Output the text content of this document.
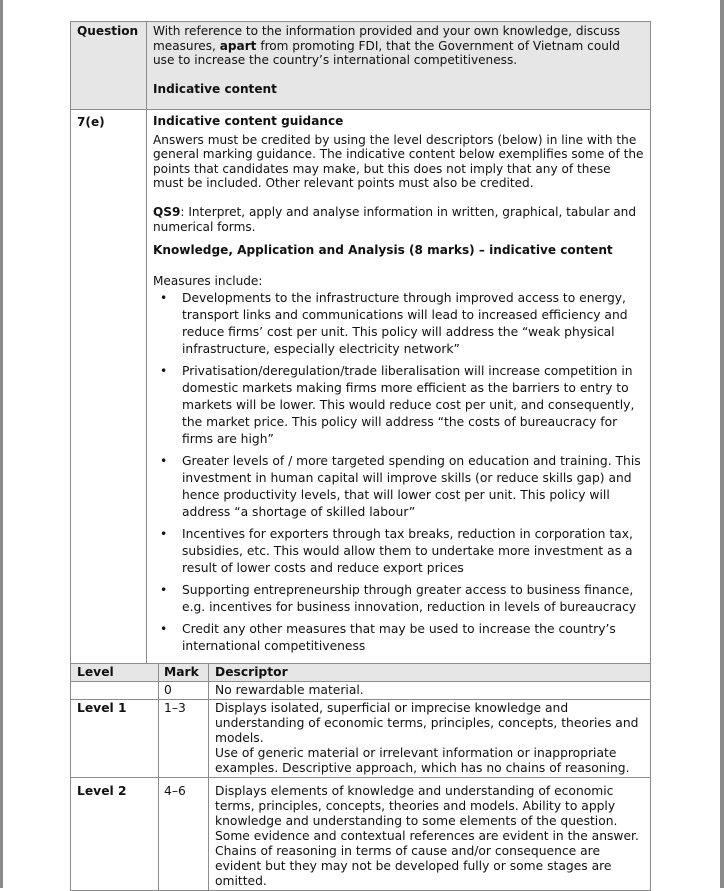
Question	With reference to the information provided and your own knowledge, discuss measures, apart from promoting FDI, that the Government of Vietnam could use to increase the country’s international competitiveness.

Indicative content

7(e)	Indicative content guidance

Answers must be credited by using the level descriptors (below) in line with the general marking guidance. The indicative content below exemplifies some of the points that candidates may make, but this does not imply that any of these must be included. Other relevant points must also be credited.

QS9: Interpret, apply and analyse information in written, graphical, tabular and numerical forms.

Knowledge, Application and Analysis (8 marks) – indicative content

Measures include:

• Developments to the infrastructure through improved access to energy, transport links and communications will lead to increased efficiency and reduce firms’ cost per unit. This policy will address the “weak physical infrastructure, especially electricity network”
• Privatisation/deregulation/trade liberalisation will increase competition in domestic markets making firms more efficient as the barriers to entry to markets will be lower. This would reduce cost per unit, and consequently, the market price. This policy will address “the costs of bureaucracy for firms are high”
• Greater levels of / more targeted spending on education and training. This investment in human capital will improve skills (or reduce skills gap) and hence productivity levels, that will lower cost per unit. This policy will address “a shortage of skilled labour”
• Incentives for exporters through tax breaks, reduction in corporation tax, subsidies, etc. This would allow them to undertake more investment as a result of lower costs and reduce export prices
• Supporting entrepreneurship through greater access to business finance, e.g. incentives for business innovation, reduction in levels of bureaucracy
• Credit any other measures that may be used to increase the country’s international competitiveness
Level	Mark	Descriptor
	0	No rewardable material.
Level 1	1–3	Displays isolated, superficial or imprecise knowledge and understanding of economic terms, principles, concepts, theories and models.
Use of generic material or irrelevant information or inappropriate examples. Descriptive approach, which has no chains of reasoning.

Level 2	4–6	Displays elements of knowledge and understanding of economic terms, principles, concepts, theories and models. Ability to apply knowledge and understanding to some elements of the question. Some evidence and contextual references are evident in the answer. Chains of reasoning in terms of cause and/or consequence are evident but they may not be developed fully or some stages are omitted.
